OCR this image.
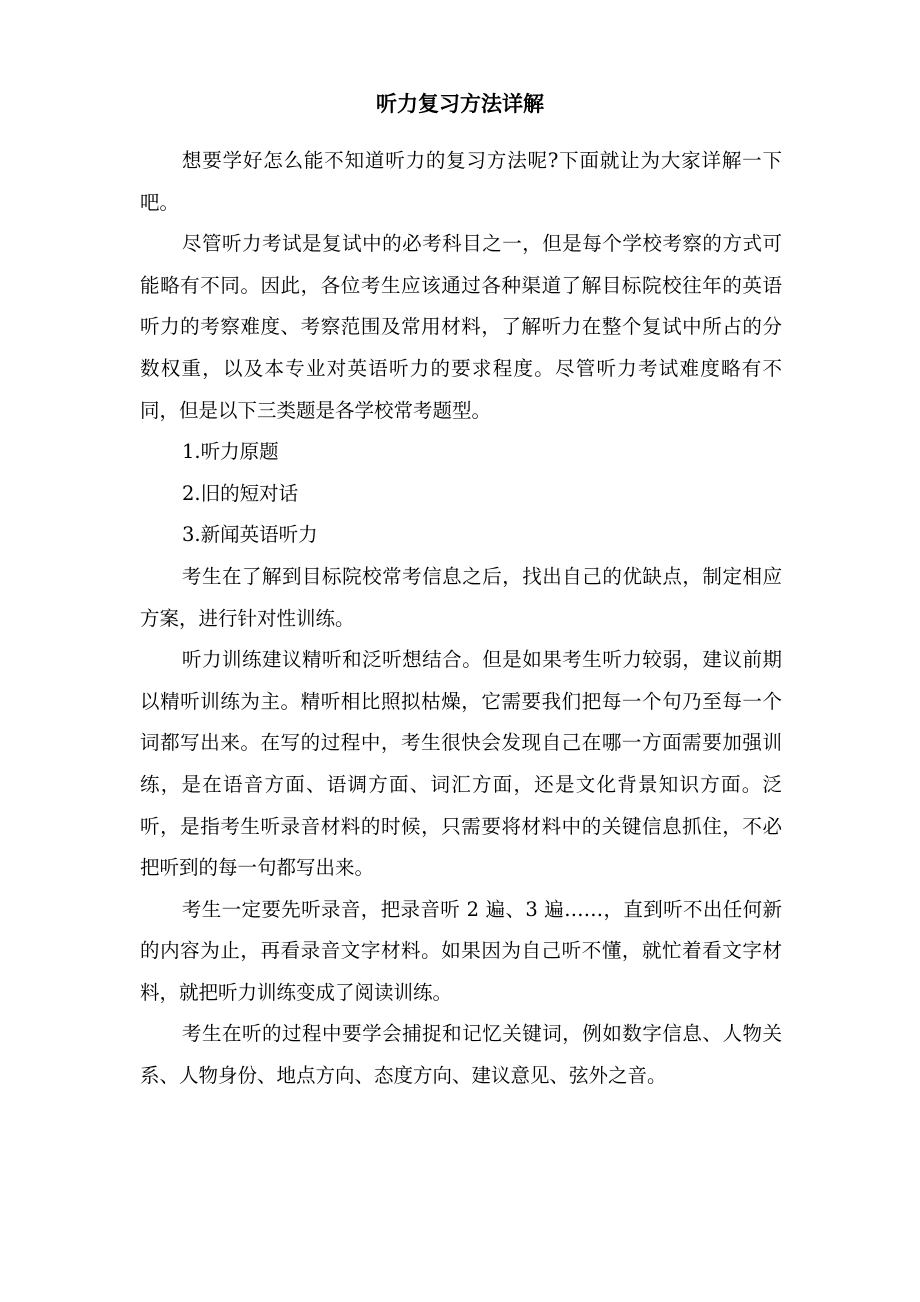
听力复习方法详解

想要学好怎么能不知道听力的复习方法呢?下面就让为大家详解一下吧。

尽管听力考试是复试中的必考科目之一，但是每个学校考察的方式可能略有不同。因此，各位考生应该通过各种渠道了解目标院校往年的英语听力的考察难度、考察范围及常用材料，了解听力在整个复试中所占的分数权重，以及本专业对英语听力的要求程度。尽管听力考试难度略有不同，但是以下三类题是各学校常考题型。

1.听力原题

2.旧的短对话

3.新闻英语听力

考生在了解到目标院校常考信息之后，找出自己的优缺点，制定相应方案，进行针对性训练。

听力训练建议精听和泛听想结合。但是如果考生听力较弱，建议前期以精听训练为主。精听相比照拟枯燥，它需要我们把每一个句乃至每一个词都写出来。在写的过程中，考生很快会发现自己在哪一方面需要加强训练，是在语音方面、语调方面、词汇方面，还是文化背景知识方面。泛听，是指考生听录音材料的时候，只需要将材料中的关键信息抓住，不必把听到的每一句都写出来。

考生一定要先听录音，把录音听 2 遍、3 遍……，直到听不出任何新的内容为止，再看录音文字材料。如果因为自己听不懂，就忙着看文字材料，就把听力训练变成了阅读训练。

考生在听的过程中要学会捕捉和记忆关键词，例如数字信息、人物关系、人物身份、地点方向、态度方向、建议意见、弦外之音。
